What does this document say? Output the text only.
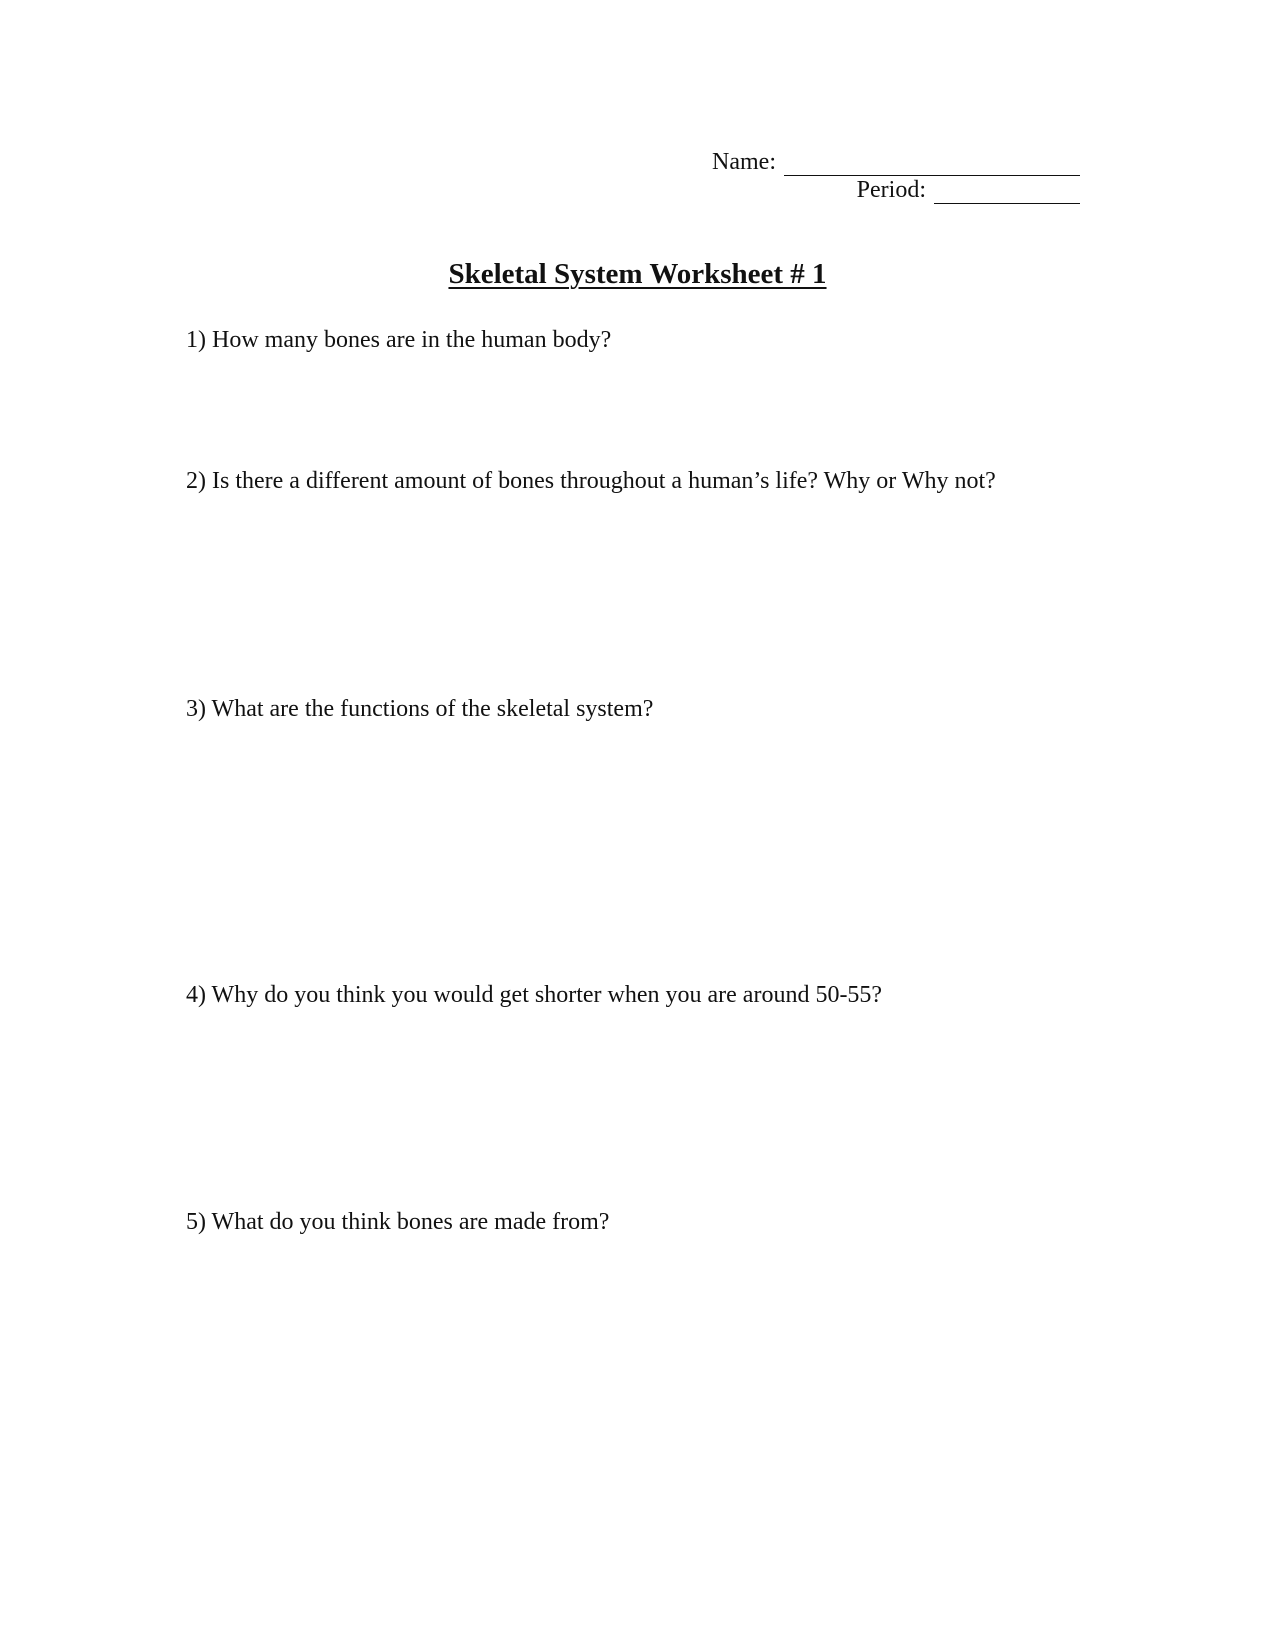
Name:
Period:
Skeletal System Worksheet # 1
1) How many bones are in the human body?
2) Is there a different amount of bones throughout a human’s life? Why or Why not?
3) What are the functions of the skeletal system?
4) Why do you think you would get shorter when you are around 50-55?
5) What do you think bones are made from?
